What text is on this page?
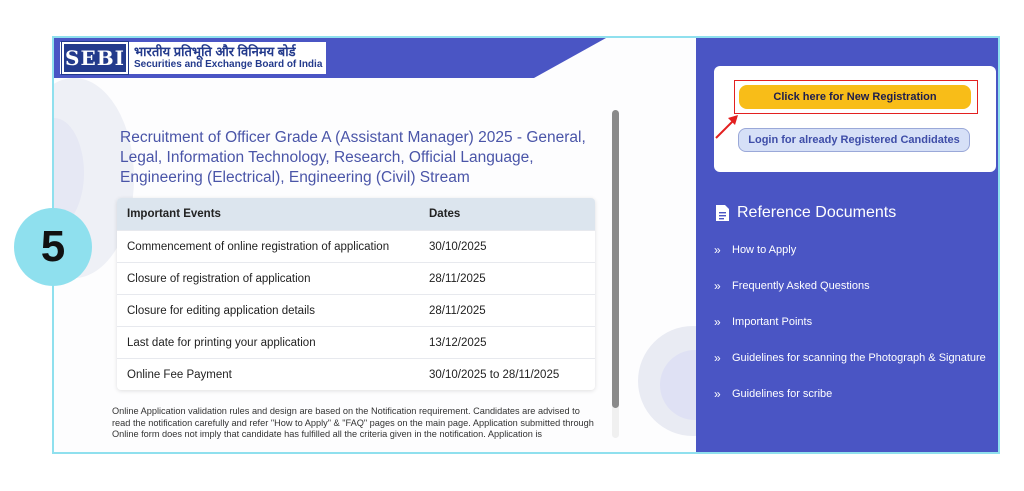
5
SEBI भारतीय प्रतिभूति और विनिमय बोर्ड
Securities and Exchange Board of India
Recruitment of Officer Grade A (Assistant Manager) 2025 - General, Legal, Information Technology, Research, Official Language, Engineering (Electrical), Engineering (Civil) Stream
Important Events	Dates
Commencement of online registration of application	30/10/2025
Closure of registration of application	28/11/2025
Closure for editing application details	28/11/2025
Last date for printing your application	13/12/2025
Online Fee Payment	30/10/2025 to 28/11/2025
Online Application validation rules and design are based on the Notification requirement. Candidates are advised to read the notification carefully and refer "How to Apply" & "FAQ" pages on the main page. Application submitted through Online form does not imply that candidate has fulfilled all the criteria given in the notification. Application is
Click here for New Registration
Login for already Registered Candidates
Reference Documents
»	How to Apply
»	Frequently Asked Questions
»	Important Points
»	Guidelines for scanning the Photograph & Signature
»	Guidelines for scribe
